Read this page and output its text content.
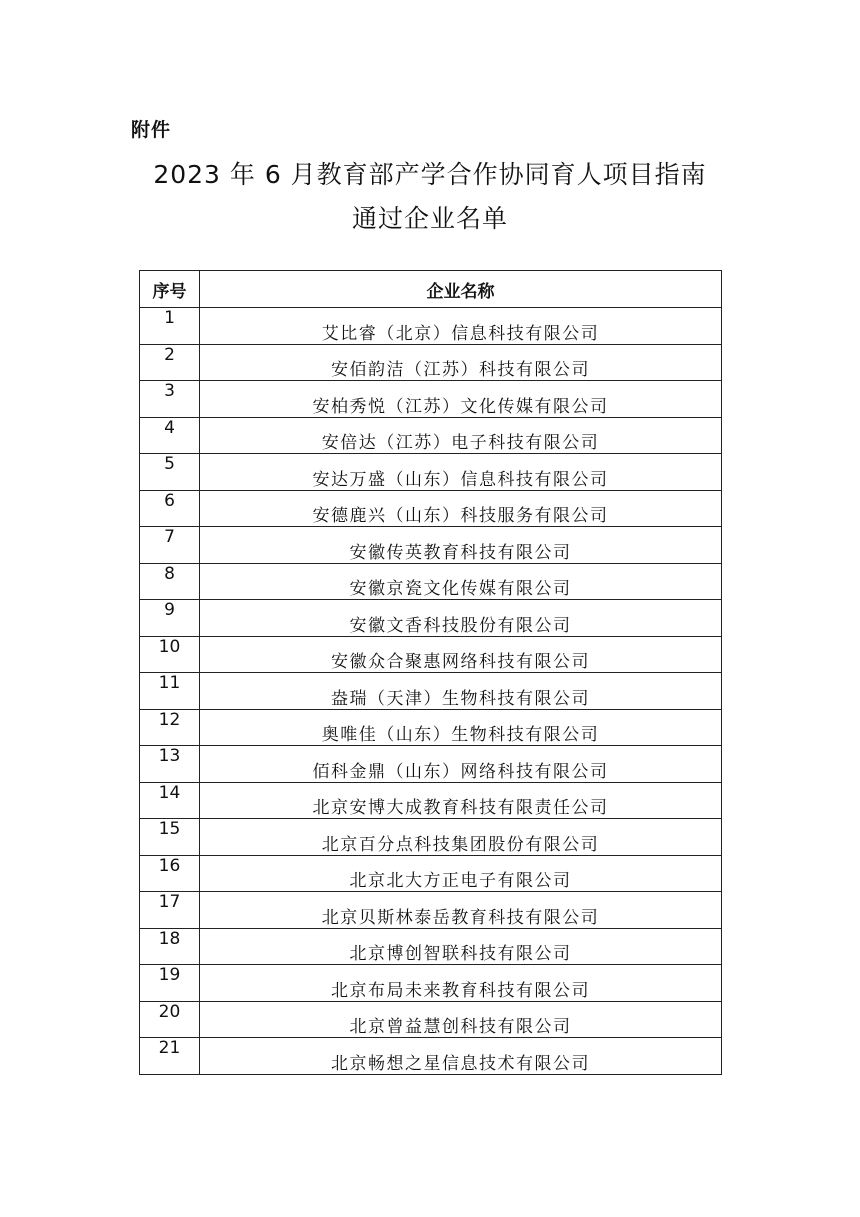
附件
2023 年 6 月教育部产学合作协同育人项目指南
通过企业名单
序号	企业名称
1	艾比睿（北京）信息科技有限公司
2	安佰韵洁（江苏）科技有限公司
3	安柏秀悦（江苏）文化传媒有限公司
4	安倍达（江苏）电子科技有限公司
5	安达万盛（山东）信息科技有限公司
6	安德鹿兴（山东）科技服务有限公司
7	安徽传英教育科技有限公司
8	安徽京瓷文化传媒有限公司
9	安徽文香科技股份有限公司
10	安徽众合聚惠网络科技有限公司
11	盎瑞（天津）生物科技有限公司
12	奥唯佳（山东）生物科技有限公司
13	佰科金鼎（山东）网络科技有限公司
14	北京安博大成教育科技有限责任公司
15	北京百分点科技集团股份有限公司
16	北京北大方正电子有限公司
17	北京贝斯林泰岳教育科技有限公司
18	北京博创智联科技有限公司
19	北京布局未来教育科技有限公司
20	北京曾益慧创科技有限公司
21	北京畅想之星信息技术有限公司
